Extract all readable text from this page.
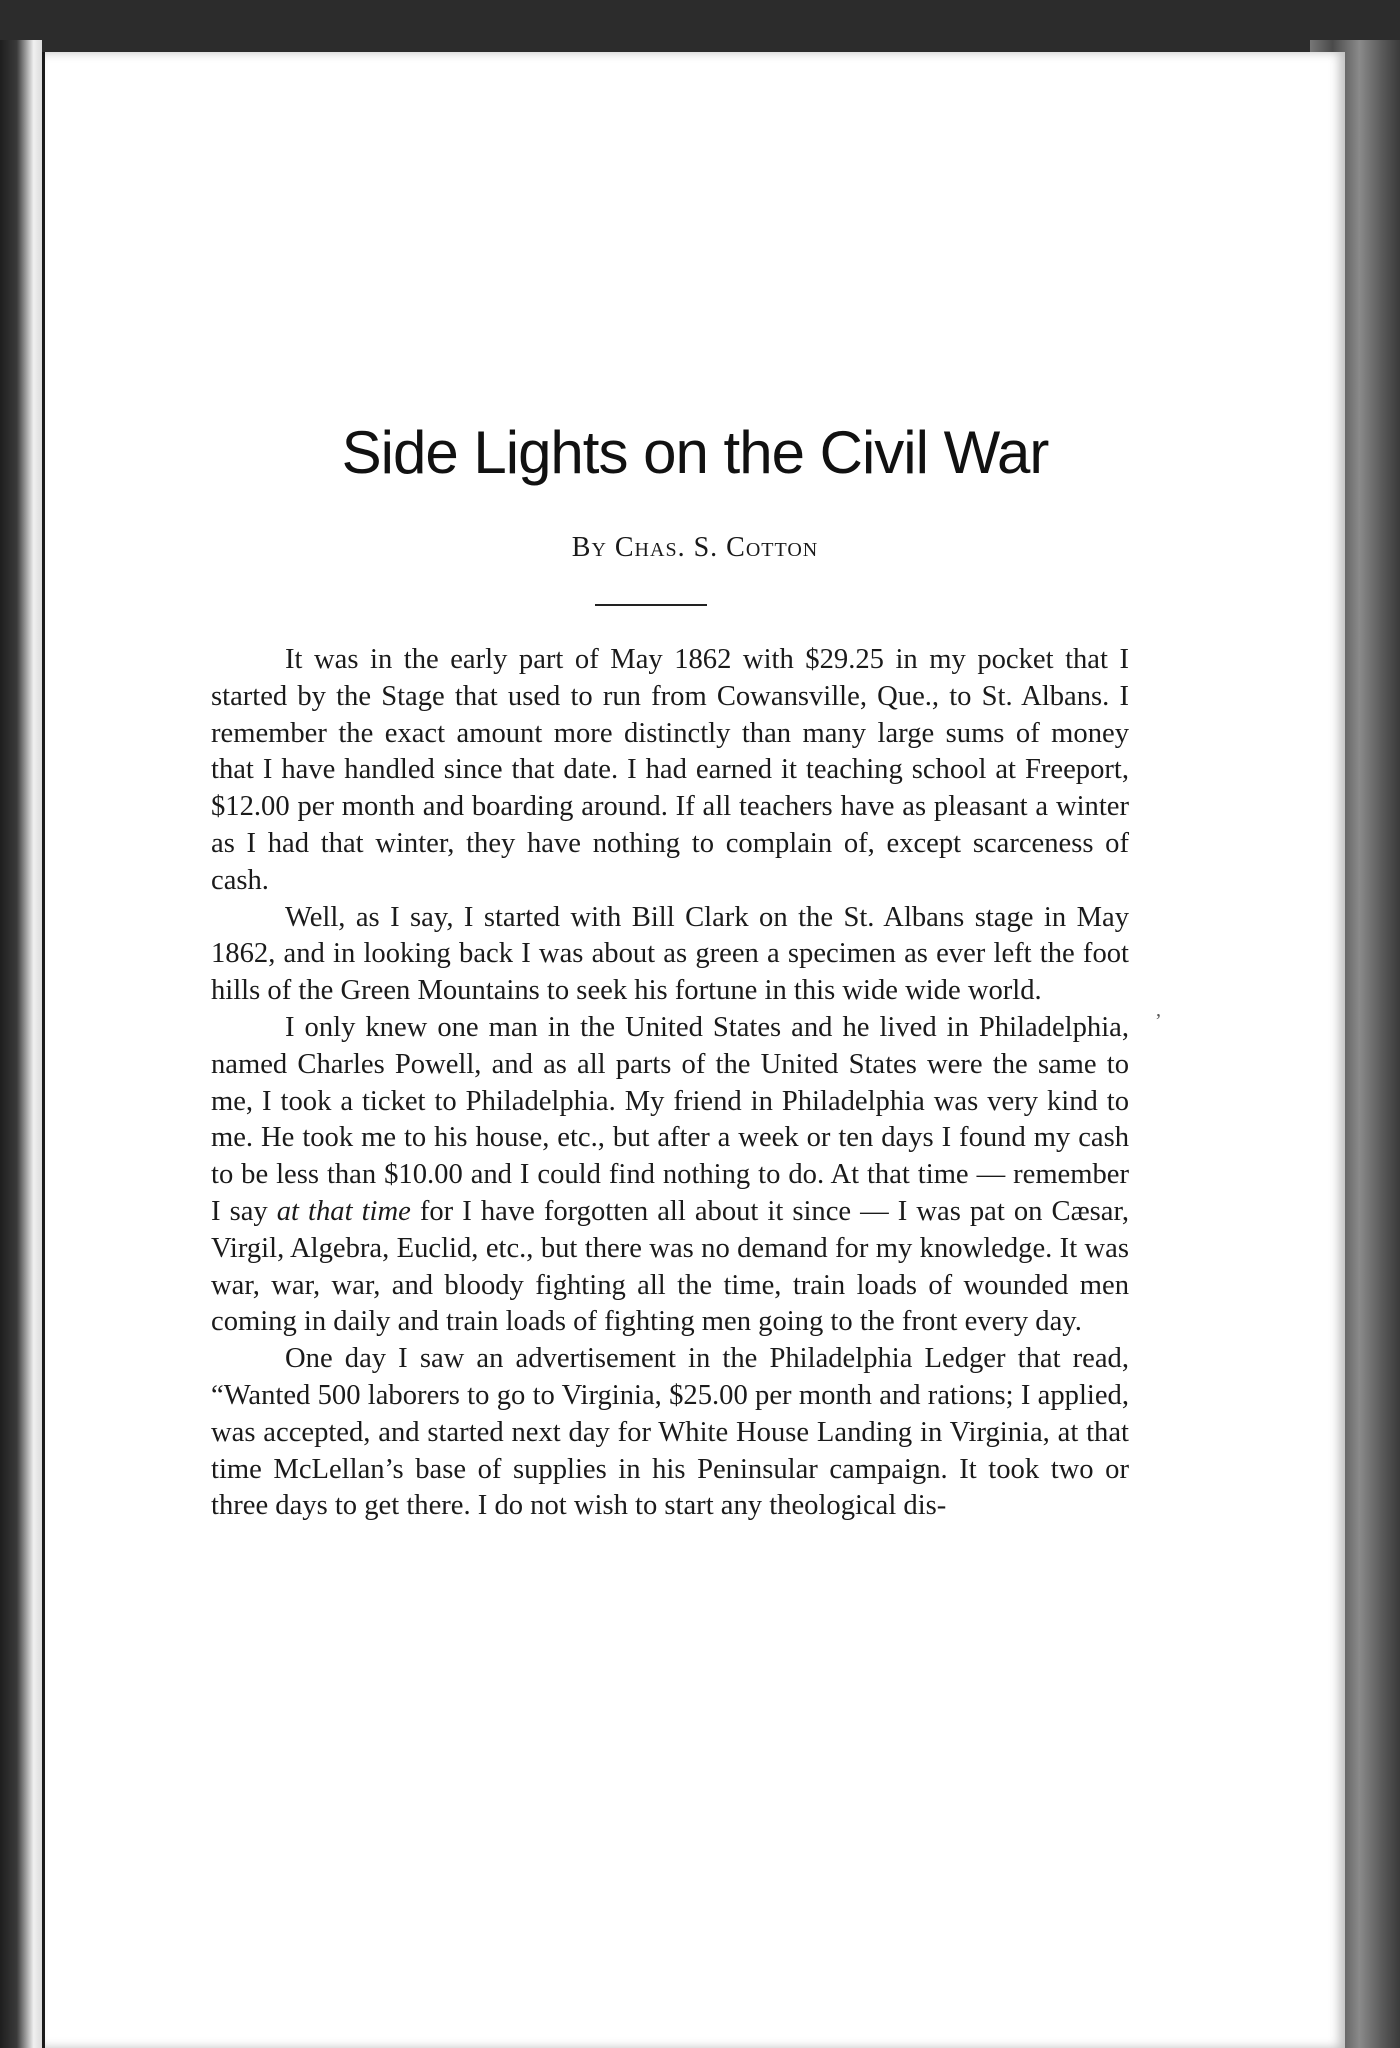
Side Lights on the Civil War
By Chas. S. Cotton
’

It was in the early part of May 1862 with $29.25 in my pocket that I started by the Stage that used to run from Cowansville, Que., to St. Albans. I remember the exact amount more distinctly than many large sums of money that I have handled since that date. I had earned it teaching school at Freeport, $12.00 per month and boarding around. If all teachers have as pleasant a winter as I had that winter, they have nothing to complain of, except scarceness of cash.

Well, as I say, I started with Bill Clark on the St. Albans stage in May 1862, and in looking back I was about as green a specimen as ever left the foot hills of the Green Mountains to seek his fortune in this wide wide world.

I only knew one man in the United States and he lived in Philadelphia, named Charles Powell, and as all parts of the United States were the same to me, I took a ticket to Philadelphia. My friend in Philadelphia was very kind to me. He took me to his house, etc., but after a week or ten days I found my cash to be less than $10.00 and I could find nothing to do. At that time — remember I say at that time for I have forgotten all about it since — I was pat on Cæsar, Virgil, Algebra, Euclid, etc., but there was no demand for my knowledge. It was war, war, war, and bloody fighting all the time, train loads of wounded men coming in daily and train loads of fighting men going to the front every day.

One day I saw an advertisement in the Philadelphia Ledger that read, “Wanted 500 laborers to go to Virginia, $25.00 per month and rations; I applied, was accepted, and started next day for White House Landing in Virginia, at that time McLellan’s base of supplies in his Peninsular campaign. It took two or three days to get there. I do not wish to start any theological dis-
